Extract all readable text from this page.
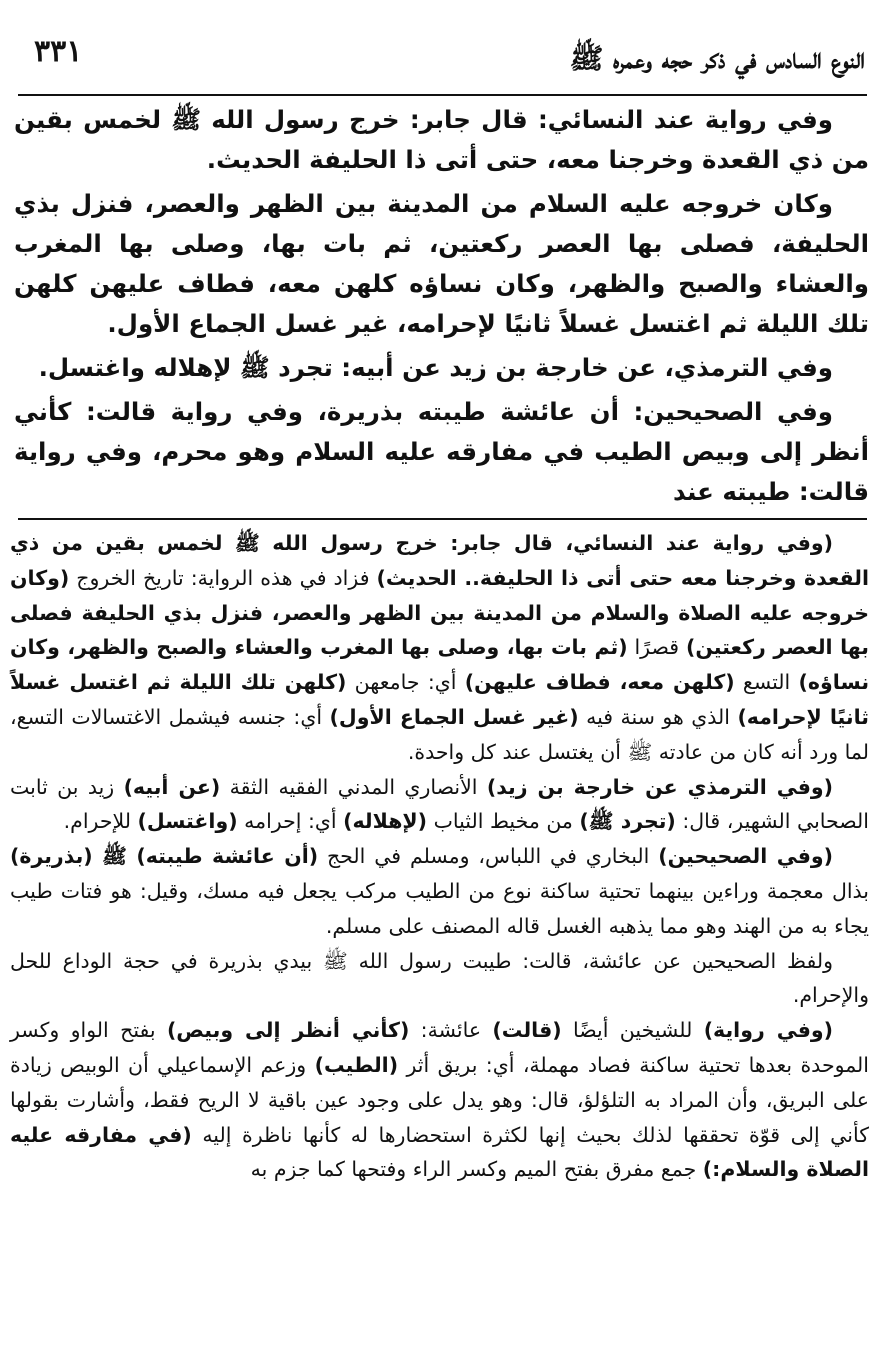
٣٣١	النوع السادس في ذكر حجه وعمره ﷺ

وفي رواية عند النسائي: قال جابر: خرج رسول الله ﷺ لخمس بقين من ذي القعدة وخرجنا معه، حتى أتى ذا الحليفة الحديث.

وكان خروجه عليه السلام من المدينة بين الظهر والعصر، فنزل بذي الحليفة، فصلى بها العصر ركعتين، ثم بات بها، وصلى بها المغرب والعشاء والصبح والظهر، وكان نساؤه كلهن معه، فطاف عليهن كلهن تلك الليلة ثم اغتسل غسلاً ثانيًا لإحرامه، غير غسل الجماع الأول.

وفي الترمذي، عن خارجة بن زيد عن أبيه: تجرد ﷺ لإهلاله واغتسل.

وفي الصحيحين: أن عائشة طيبته بذريرة، وفي رواية قالت: كأني أنظر إلى وبيص الطيب في مفارقه عليه السلام وهو محرم، وفي رواية قالت: طيبته عند

(وفي رواية عند النسائي، قال جابر: خرج رسول الله ﷺ لخمس بقين من ذي القعدة وخرجنا معه حتى أتى ذا الحليفة.. الحديث) فزاد في هذه الرواية: تاريخ الخروج (وكان خروجه عليه الصلاة والسلام من المدينة بين الظهر والعصر، فنزل بذي الحليفة فصلى بها العصر ركعتين) قصرًا (ثم بات بها، وصلى بها المغرب والعشاء والصبح والظهر، وكان نساؤه) التسع (كلهن معه، فطاف عليهن) أي: جامعهن (كلهن تلك الليلة ثم اغتسل غسلاً ثانيًا لإحرامه) الذي هو سنة فيه (غير غسل الجماع الأول) أي: جنسه فيشمل الاغتسالات التسع، لما ورد أنه كان من عادته ﷺ أن يغتسل عند كل واحدة.

(وفي الترمذي عن خارجة بن زيد) الأنصاري المدني الفقيه الثقة (عن أبيه) زيد بن ثابت الصحابي الشهير، قال: (تجرد ﷺ) من مخيط الثياب (لإهلاله) أي: إحرامه (واغتسل) للإحرام.

(وفي الصحيحين) البخاري في اللباس، ومسلم في الحج (أن عائشة طيبته) ﷺ (بذريرة) بذال معجمة وراءين بينهما تحتية ساكنة نوع من الطيب مركب يجعل فيه مسك، وقيل: هو فتات طيب يجاء به من الهند وهو مما يذهبه الغسل قاله المصنف على مسلم.

ولفظ الصحيحين عن عائشة، قالت: طيبت رسول الله ﷺ بيدي بذريرة في حجة الوداع للحل والإحرام.

(وفي رواية) للشيخين أيضًا (قالت) عائشة: (كأني أنظر إلى وبيص) بفتح الواو وكسر الموحدة بعدها تحتية ساكنة فصاد مهملة، أي: بريق أثر (الطيب) وزعم الإسماعيلي أن الوبيص زيادة على البريق، وأن المراد به التلؤلؤ، قال: وهو يدل على وجود عين باقية لا الريح فقط، وأشارت بقولها كأني إلى قوّة تحققها لذلك بحيث إنها لكثرة استحضارها له كأنها ناظرة إليه (في مفارقه عليه الصلاة والسلام:) جمع مفرق بفتح الميم وكسر الراء وفتحها كما جزم به
